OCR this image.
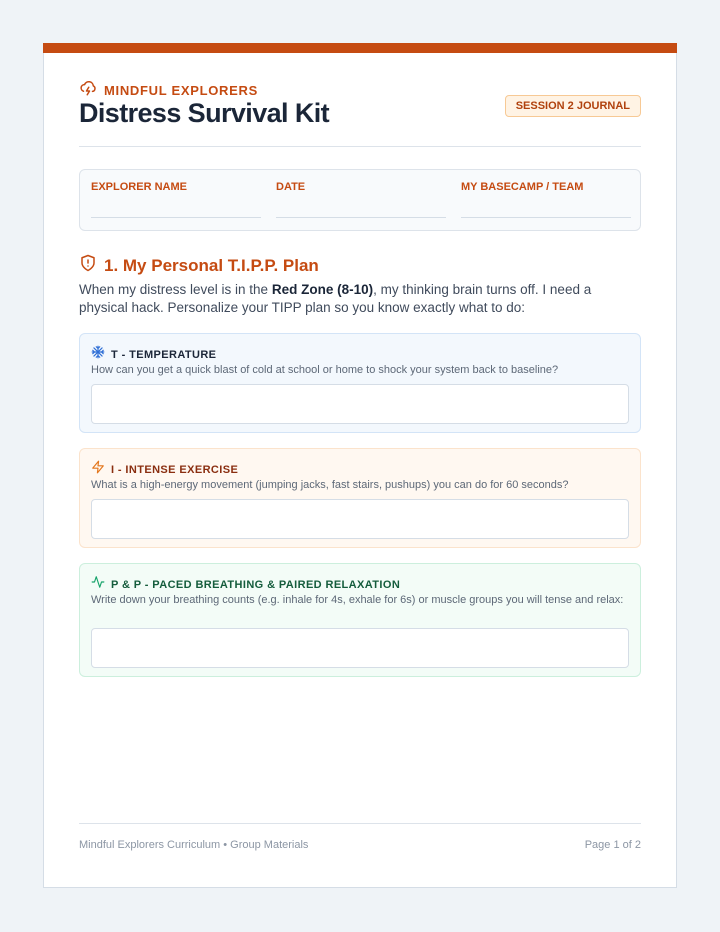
MINDFUL EXPLORERS
Distress Survival Kit	SESSION 2 JOURNAL
EXPLORER NAME	DATE	MY BASECAMP / TEAM
1. My Personal T.I.P.P. Plan
When my distress level is in the Red Zone (8-10), my thinking brain turns off. I need a physical hack. Personalize your TIPP plan so you know exactly what to do:
T - TEMPERATURE
How can you get a quick blast of cold at school or home to shock your system back to baseline?
I - INTENSE EXERCISE
What is a high-energy movement (jumping jacks, fast stairs, pushups) you can do for 60 seconds?
P & P - PACED BREATHING & PAIRED RELAXATION
Write down your breathing counts (e.g. inhale for 4s, exhale for 6s) or muscle groups you will tense and relax:
Mindful Explorers Curriculum • Group Materials	Page 1 of 2
